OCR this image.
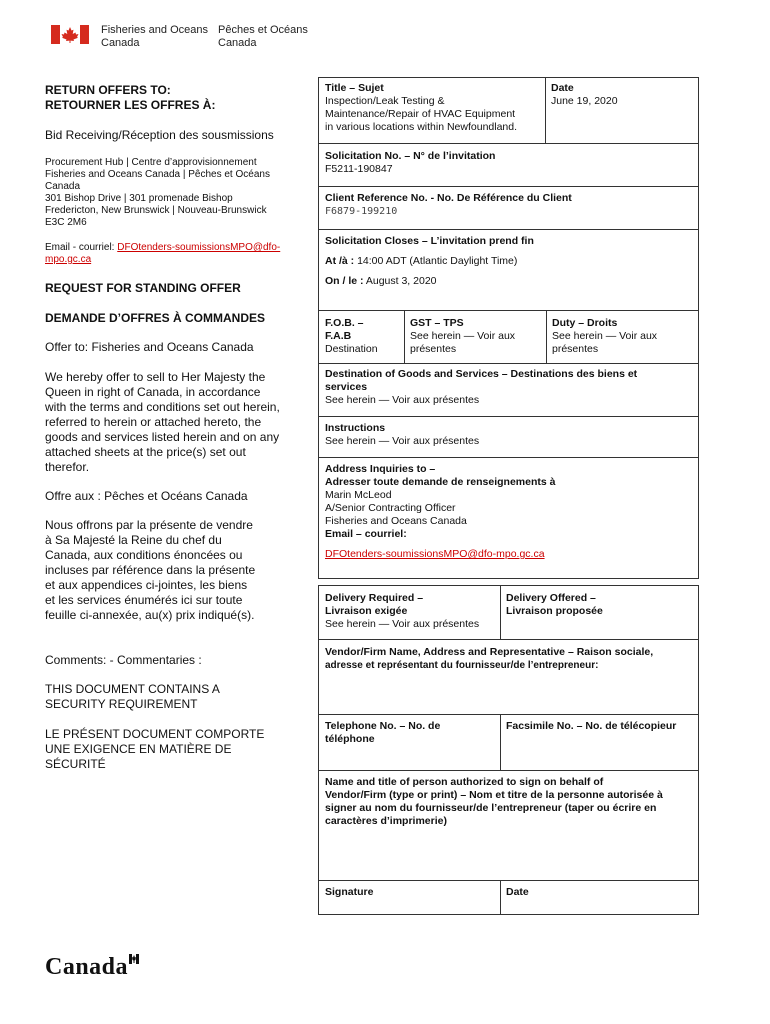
Fisheries and Oceans
Canada
Pêches et Océans
Canada
RETURN OFFERS TO:
RETOURNER LES OFFRES À:
Bid Receiving/Réception des sousmissions
Procurement Hub | Centre d’approvisionnement
Fisheries and Oceans Canada | Pêches et Océans
Canada
301 Bishop Drive | 301 promenade Bishop
Fredericton, New Brunswick | Nouveau-Brunswick
E3C 2M6
Email - courriel: DFOtenders-soumissionsMPO@dfo-
mpo.gc.ca
REQUEST FOR STANDING OFFER
DEMANDE D’OFFRES À COMMANDES
Offer to: Fisheries and Oceans Canada
We hereby offer to sell to Her Majesty the
Queen in right of Canada, in accordance
with the terms and conditions set out herein,
referred to herein or attached hereto, the
goods and services listed herein and on any
attached sheets at the price(s) set out
therefor.
Offre aux : Pêches et Océans Canada
Nous offrons par la présente de vendre
à Sa Majesté la Reine du chef du
Canada, aux conditions énoncées ou
incluses par référence dans la présente
et aux appendices ci-jointes, les biens
et les services énumérés ici sur toute
feuille ci-annexée, au(x) prix indiqué(s).
Comments: - Commentaries :
THIS DOCUMENT CONTAINS A
SECURITY REQUIREMENT
LE PRÉSENT DOCUMENT COMPORTE
UNE EXIGENCE EN MATIÈRE DE
SÉCURITÉ
Title – Sujet
Inspection/Leak Testing &
Maintenance/Repair of HVAC Equipment
in various locations within Newfoundland.
Date
June 19, 2020
Solicitation No. – N° de l’invitation
F5211-190847
Client Reference No. - No. De Référence du Client
F6879-199210
Solicitation Closes – L’invitation prend fin
At /à : 14:00 ADT (Atlantic Daylight Time)
On / le : August 3, 2020
F.O.B. –
F.A.B
Destination
GST – TPS
See herein — Voir aux
présentes
Duty – Droits
See herein — Voir aux
présentes
Destination of Goods and Services – Destinations des biens et
services
See herein — Voir aux présentes
Instructions
See herein — Voir aux présentes
Address Inquiries to –
Adresser toute demande de renseignements à
Marin McLeod
A/Senior Contracting Officer
Fisheries and Oceans Canada
Email – courriel:
DFOtenders-soumissionsMPO@dfo-mpo.gc.ca
Delivery Required –
Livraison exigée
See herein — Voir aux présentes
Delivery Offered –
Livraison proposée
Vendor/Firm Name, Address and Representative – Raison sociale,
adresse et représentant du fournisseur/de l’entrepreneur:
Telephone No. – No. de
téléphone
Facsimile No. – No. de télécopieur
Name and title of person authorized to sign on behalf of
Vendor/Firm (type or print) – Nom et titre de la personne autorisée à
signer au nom du fournisseur/de l’entrepreneur (taper ou écrire en
caractères d’imprimerie)
Signature	Date
Canada
